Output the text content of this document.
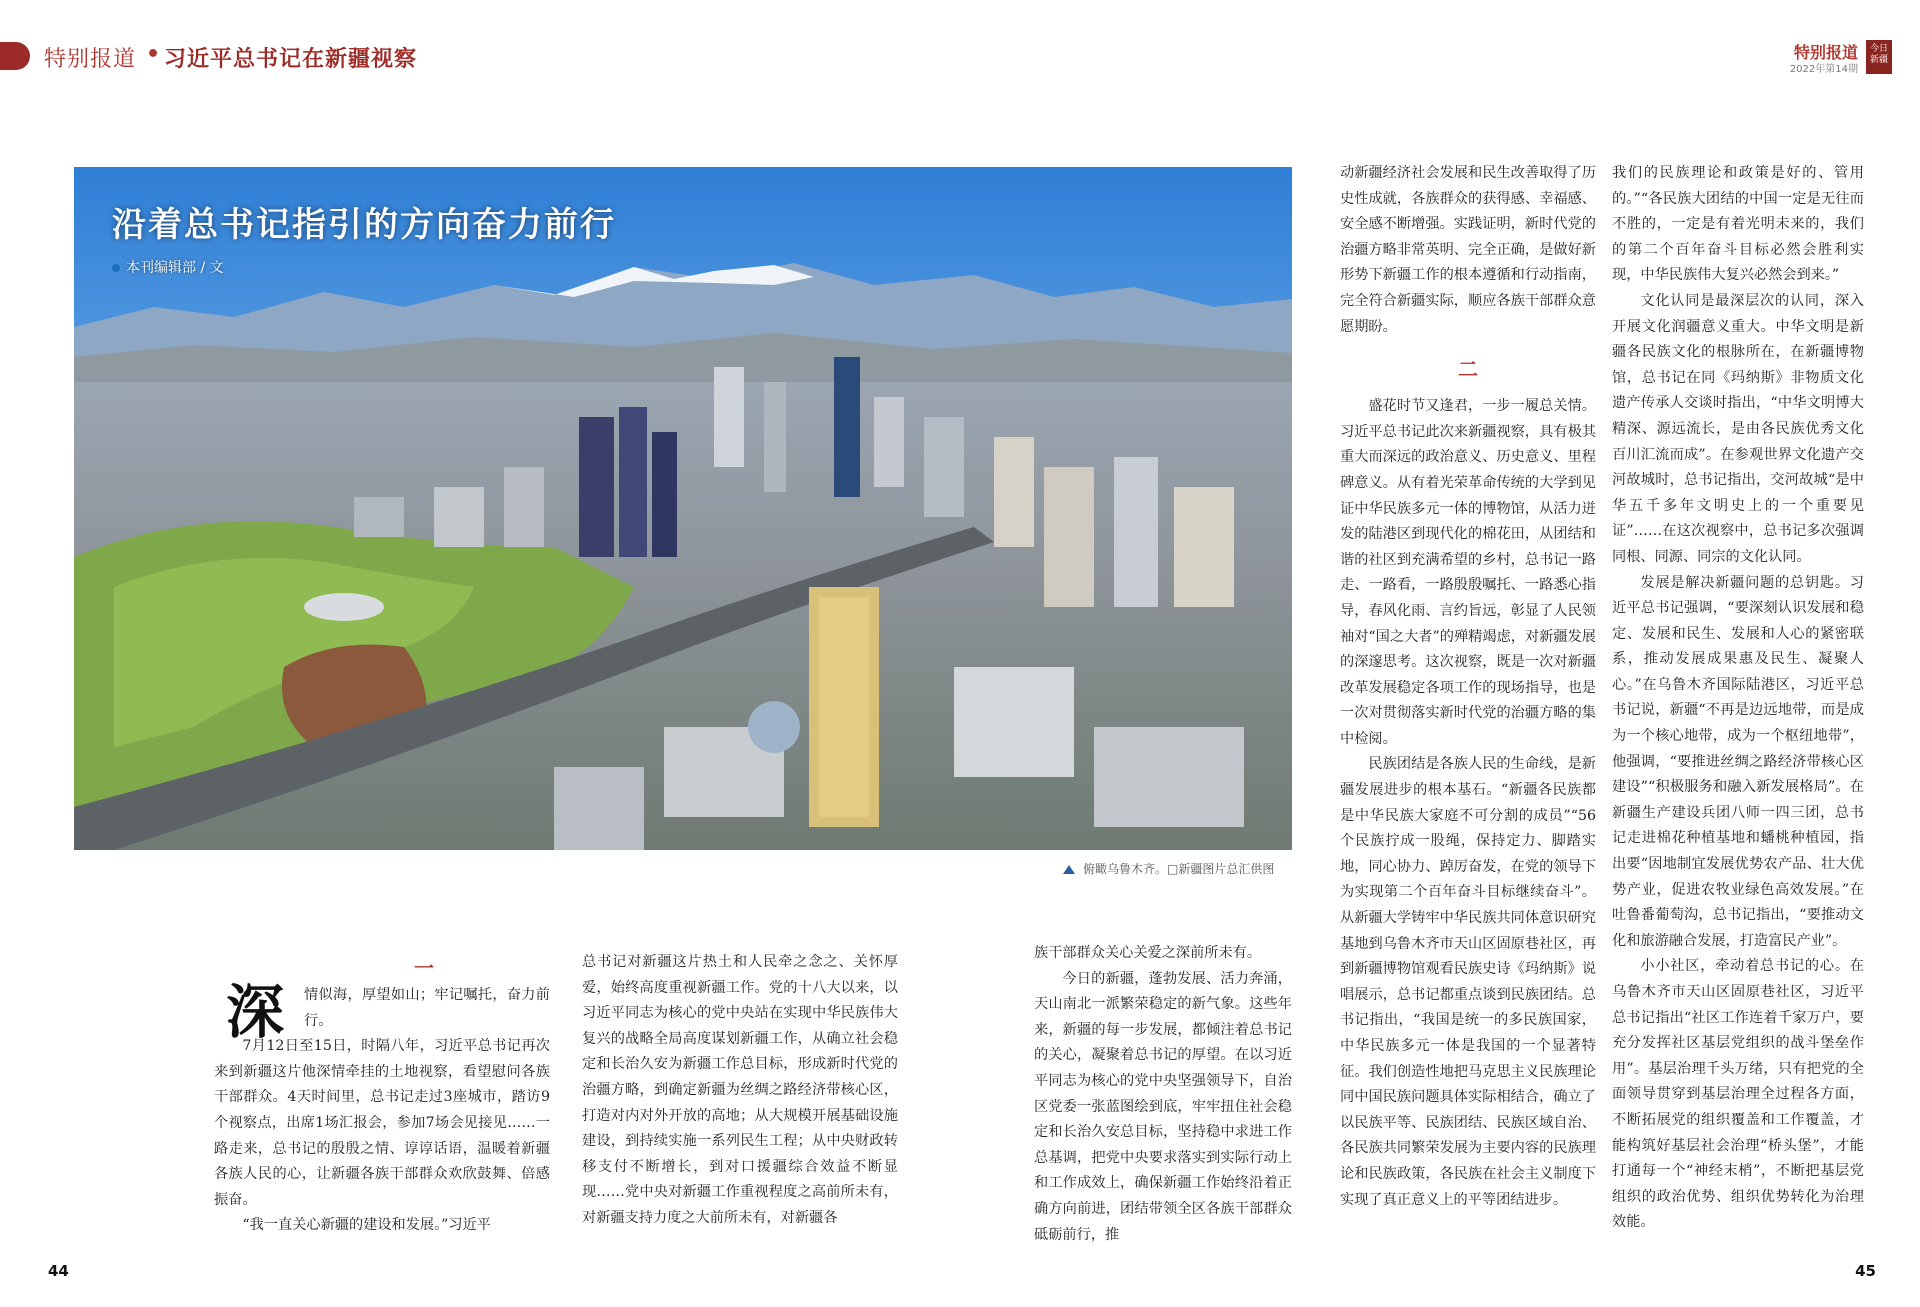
特别报道 • 习近平总书记在新疆视察	特别报道
2022年第14期
今日新疆
沿着总书记指引的方向奋力前行
本刊编辑部 / 文
俯瞰乌鲁木齐。□新疆图片总汇供图
深
一

情似海，厚望如山；牢记嘱托，奋力前行。

7月12日至15日，时隔八年，习近平总书记再次来到新疆这片他深情牵挂的土地视察，看望慰问各族干部群众。4天时间里，总书记走过3座城市，踏访9个视察点，出席1场汇报会，参加7场会见接见……一路走来，总书记的殷殷之情、谆谆话语，温暖着新疆各族人民的心，让新疆各族干部群众欢欣鼓舞、倍感振奋。

“我一直关心新疆的建设和发展。”习近平

总书记对新疆这片热土和人民牵之念之、关怀厚爱，始终高度重视新疆工作。党的十八大以来，以习近平同志为核心的党中央站在实现中华民族伟大复兴的战略全局高度谋划新疆工作，从确立社会稳定和长治久安为新疆工作总目标，形成新时代党的治疆方略，到确定新疆为丝绸之路经济带核心区，打造对内对外开放的高地；从大规模开展基础设施建设，到持续实施一系列民生工程；从中央财政转移支付不断增长，到对口援疆综合效益不断显现……党中央对新疆工作重视程度之高前所未有，对新疆支持力度之大前所未有，对新疆各

族干部群众关心关爱之深前所未有。

今日的新疆，蓬勃发展、活力奔涌，天山南北一派繁荣稳定的新气象。这些年来，新疆的每一步发展，都倾注着总书记的关心，凝聚着总书记的厚望。在以习近平同志为核心的党中央坚强领导下，自治区党委一张蓝图绘到底，牢牢扭住社会稳定和长治久安总目标，坚持稳中求进工作总基调，把党中央要求落实到实际行动上和工作成效上，确保新疆工作始终沿着正确方向前进，团结带领全区各族干部群众砥砺前行，推

动新疆经济社会发展和民生改善取得了历史性成就，各族群众的获得感、幸福感、安全感不断增强。实践证明，新时代党的治疆方略非常英明、完全正确，是做好新形势下新疆工作的根本遵循和行动指南，完全符合新疆实际，顺应各族干部群众意愿期盼。

二

盛花时节又逢君，一步一履总关情。习近平总书记此次来新疆视察，具有极其重大而深远的政治意义、历史意义、里程碑意义。从有着光荣革命传统的大学到见证中华民族多元一体的博物馆，从活力迸发的陆港区到现代化的棉花田，从团结和谐的社区到充满希望的乡村，总书记一路走、一路看，一路殷殷嘱托、一路悉心指导，春风化雨、言约旨远，彰显了人民领袖对“国之大者”的殚精竭虑，对新疆发展的深邃思考。这次视察，既是一次对新疆改革发展稳定各项工作的现场指导，也是一次对贯彻落实新时代党的治疆方略的集中检阅。

民族团结是各族人民的生命线，是新疆发展进步的根本基石。“新疆各民族都是中华民族大家庭不可分割的成员”“56个民族拧成一股绳，保持定力、脚踏实地，同心协力、踔厉奋发，在党的领导下为实现第二个百年奋斗目标继续奋斗”。从新疆大学铸牢中华民族共同体意识研究基地到乌鲁木齐市天山区固原巷社区，再到新疆博物馆观看民族史诗《玛纳斯》说唱展示，总书记都重点谈到民族团结。总书记指出，“我国是统一的多民族国家，中华民族多元一体是我国的一个显著特征。我们创造性地把马克思主义民族理论同中国民族问题具体实际相结合，确立了以民族平等、民族团结、民族区域自治、各民族共同繁荣发展为主要内容的民族理论和民族政策，各民族在社会主义制度下实现了真正意义上的平等团结进步。

我们的民族理论和政策是好的、管用的。”“各民族大团结的中国一定是无往而不胜的，一定是有着光明未来的，我们的第二个百年奋斗目标必然会胜利实现，中华民族伟大复兴必然会到来。”

文化认同是最深层次的认同，深入开展文化润疆意义重大。中华文明是新疆各民族文化的根脉所在，在新疆博物馆，总书记在同《玛纳斯》非物质文化遗产传承人交谈时指出，“中华文明博大精深、源远流长，是由各民族优秀文化百川汇流而成”。在参观世界文化遗产交河故城时，总书记指出，交河故城“是中华五千多年文明史上的一个重要见证”……在这次视察中，总书记多次强调同根、同源、同宗的文化认同。

发展是解决新疆问题的总钥匙。习近平总书记强调，“要深刻认识发展和稳定、发展和民生、发展和人心的紧密联系，推动发展成果惠及民生、凝聚人心。”在乌鲁木齐国际陆港区，习近平总书记说，新疆“不再是边远地带，而是成为一个核心地带，成为一个枢纽地带”，他强调，“要推进丝绸之路经济带核心区建设”“积极服务和融入新发展格局”。在新疆生产建设兵团八师一四三团，总书记走进棉花种植基地和蟠桃种植园，指出要“因地制宜发展优势农产品、壮大优势产业，促进农牧业绿色高效发展。”在吐鲁番葡萄沟，总书记指出，“要推动文化和旅游融合发展，打造富民产业”。

小小社区，牵动着总书记的心。在乌鲁木齐市天山区固原巷社区，习近平总书记指出“社区工作连着千家万户，要充分发挥社区基层党组织的战斗堡垒作用”。基层治理千头万绪，只有把党的全面领导贯穿到基层治理全过程各方面，不断拓展党的组织覆盖和工作覆盖，才能构筑好基层社会治理“桥头堡”，才能打通每一个“神经末梢”，不断把基层党组织的政治优势、组织优势转化为治理效能。

44	45
